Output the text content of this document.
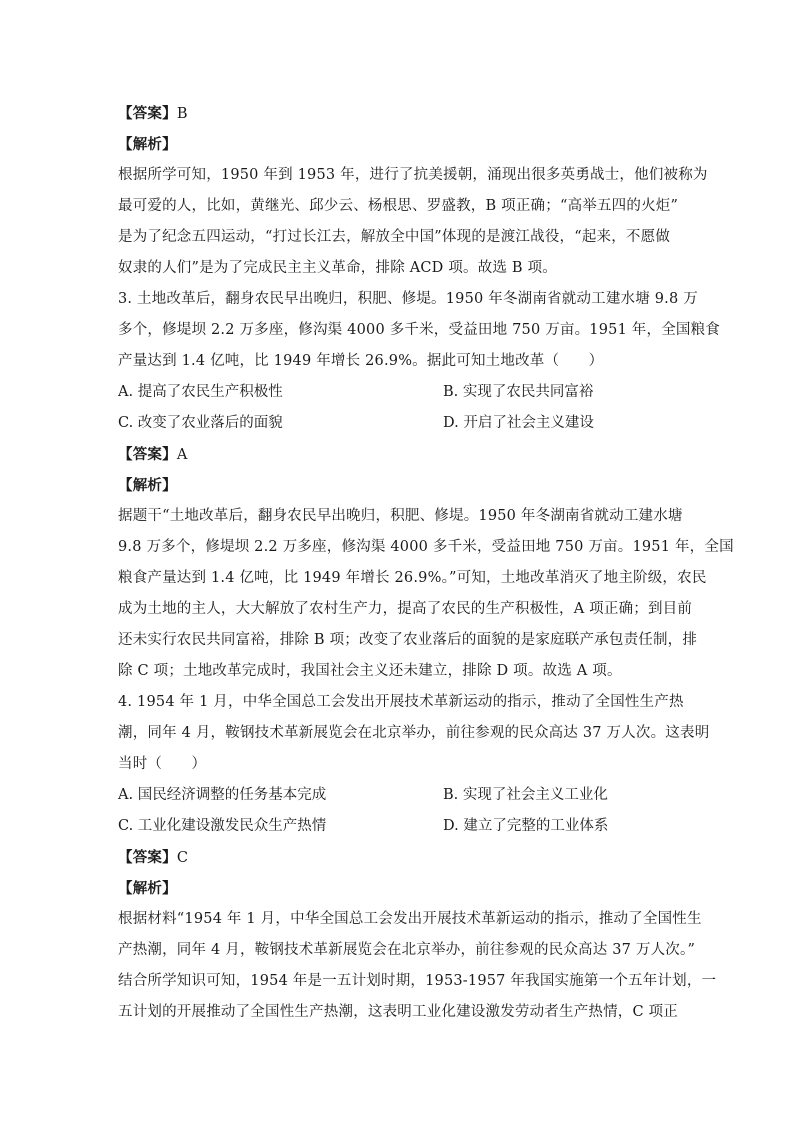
【答案】B
【解析】
根据所学可知，1950 年到 1953 年，进行了抗美援朝，涌现出很多英勇战士，他们被称为
最可爱的人，比如，黄继光、邱少云、杨根思、罗盛教，B 项正确；“高举五四的火炬”
是为了纪念五四运动，“打过长江去，解放全中国”体现的是渡江战役，“起来，不愿做
奴隶的人们”是为了完成民主主义革命，排除 ACD 项。故选 B 项。
3. 土地改革后，翻身农民早出晚归，积肥、修堤。1950 年冬湖南省就动工建水塘 9.8 万
多个，修堤坝 2.2 万多座，修沟渠 4000 多千米，受益田地 750 万亩。1951 年，全国粮食
产量达到 1.4 亿吨，比 1949 年增长 26.9%。据此可知土地改革（　　）
A. 提高了农民生产积极性	B. 实现了农民共同富裕
C. 改变了农业落后的面貌	D. 开启了社会主义建设
【答案】A
【解析】
据题干“土地改革后，翻身农民早出晚归，积肥、修堤。1950 年冬湖南省就动工建水塘
9.8 万多个，修堤坝 2.2 万多座，修沟渠 4000 多千米，受益田地 750 万亩。1951 年，全国
粮食产量达到 1.4 亿吨，比 1949 年增长 26.9%。”可知，土地改革消灭了地主阶级，农民
成为土地的主人，大大解放了农村生产力，提高了农民的生产积极性，A 项正确；到目前
还未实行农民共同富裕，排除 B 项；改变了农业落后的面貌的是家庭联产承包责任制，排
除 C 项；土地改革完成时，我国社会主义还未建立，排除 D 项。故选 A 项。
4. 1954 年 1 月，中华全国总工会发出开展技术革新运动的指示，推动了全国性生产热
潮，同年 4 月，鞍钢技术革新展览会在北京举办，前往参观的民众高达 37 万人次。这表明
当时（　　）
A. 国民经济调整的任务基本完成	B. 实现了社会主义工业化
C. 工业化建设激发民众生产热情	D. 建立了完整的工业体系
【答案】C
【解析】
根据材料“1954 年 1 月，中华全国总工会发出开展技术革新运动的指示，推动了全国性生
产热潮，同年 4 月，鞍钢技术革新展览会在北京举办，前往参观的民众高达 37 万人次。”
结合所学知识可知，1954 年是一五计划时期，1953-1957 年我国实施第一个五年计划，一
五计划的开展推动了全国性生产热潮，这表明工业化建设激发劳动者生产热情，C 项正
